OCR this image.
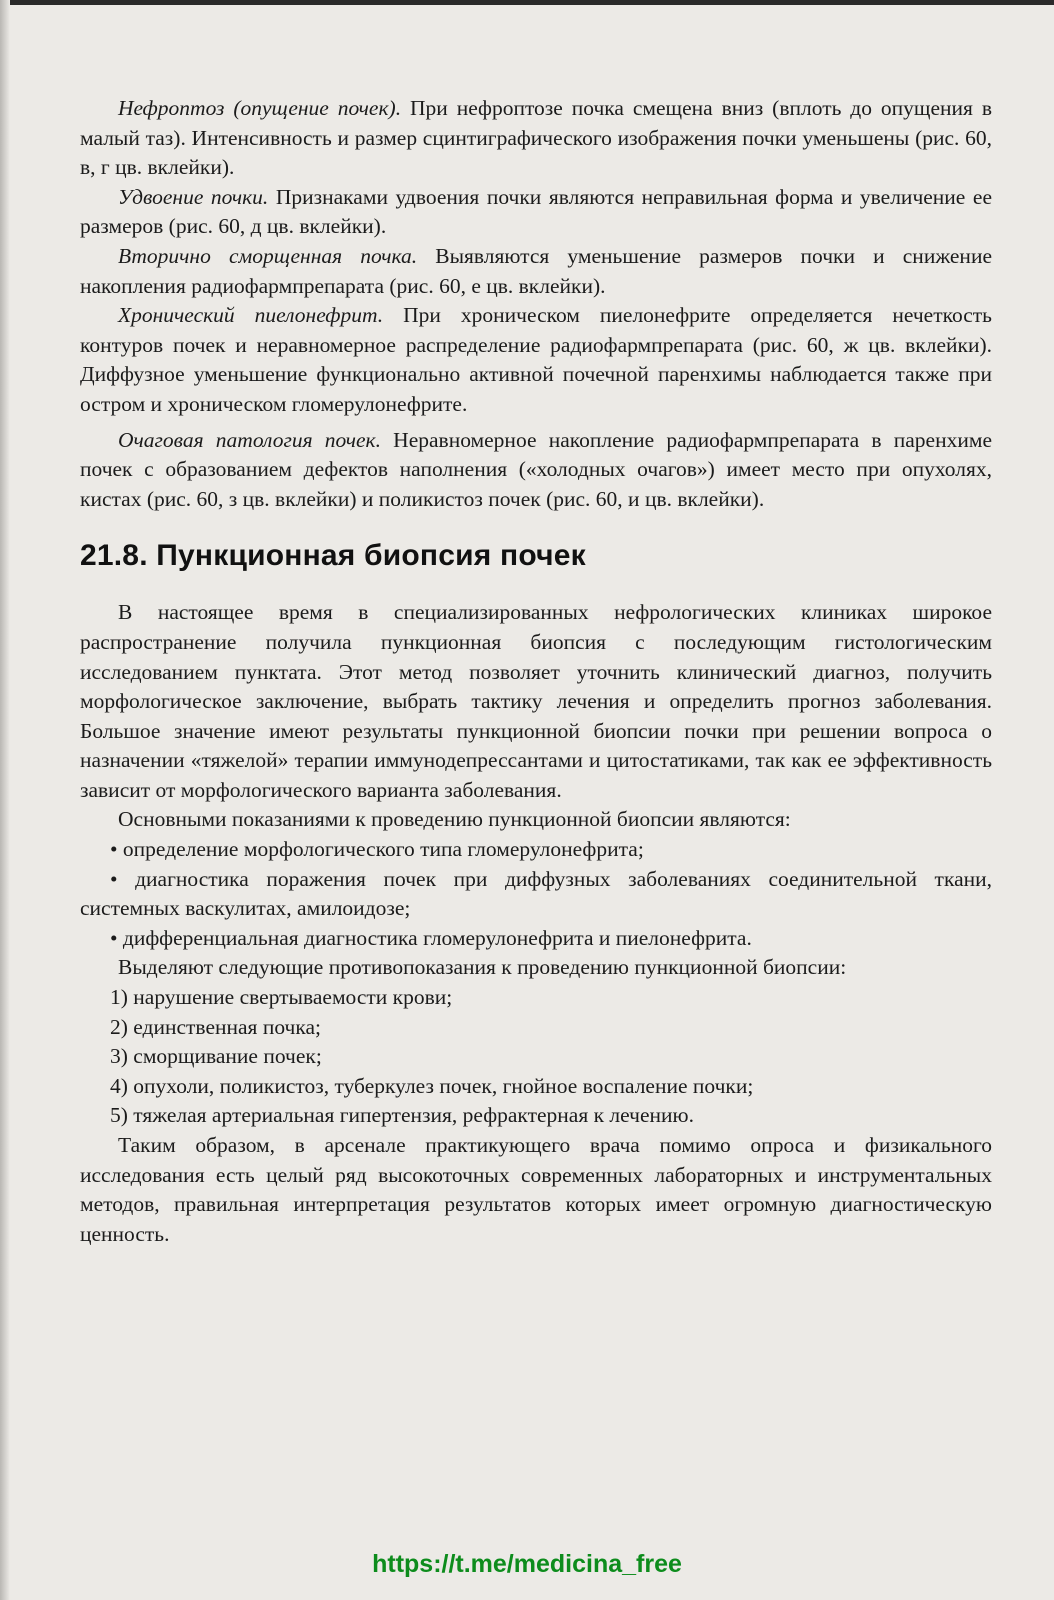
Нефроптоз (опущение почек). При нефроптозе почка смещена вниз (вплоть до опущения в малый таз). Интенсивность и размер сцинтиграфического изображения почки уменьшены (рис. 60, в, г цв. вклейки).

Удвоение почки. Признаками удвоения почки являются неправильная форма и увеличение ее размеров (рис. 60, д цв. вклейки).

Вторично сморщенная почка. Выявляются уменьшение размеров почки и снижение накопления радиофармпрепарата (рис. 60, е цв. вклейки).

Хронический пиелонефрит. При хроническом пиелонефрите определяется нечеткость контуров почек и неравномерное распределение радиофармпрепарата (рис. 60, ж цв. вклейки). Диффузное уменьшение функционально активной почечной паренхимы наблюдается также при остром и хроническом гломерулонефрите.

Очаговая патология почек. Неравномерное накопление радиофармпрепарата в паренхиме почек с образованием дефектов наполнения («холодных очагов») имеет место при опухолях, кистах (рис. 60, з цв. вклейки) и поликистоз почек (рис. 60, и цв. вклейки).

21.8. Пункционная биопсия почек

В настоящее время в специализированных нефрологических клиниках широкое распространение получила пункционная биопсия с последующим гистологическим исследованием пунктата. Этот метод позволяет уточнить клинический диагноз, получить морфологическое заключение, выбрать тактику лечения и определить прогноз заболевания. Большое значение имеют результаты пункционной биопсии почки при решении вопроса о назначении «тяжелой» терапии иммунодепрессантами и цитостатиками, так как ее эффективность зависит от морфологического варианта заболевания.

Основными показаниями к проведению пункционной биопсии являются:

• определение морфологического типа гломерулонефрита;
• диагностика поражения почек при диффузных заболеваниях соединительной ткани, системных васкулитах, амилоидозе;
• дифференциальная диагностика гломерулонефрита и пиелонефрита.

Выделяют следующие противопоказания к проведению пункционной биопсии:

1) нарушение свертываемости крови;
2) единственная почка;
3) сморщивание почек;
4) опухоли, поликистоз, туберкулез почек, гнойное воспаление почки;
5) тяжелая артериальная гипертензия, рефрактерная к лечению.

Таким образом, в арсенале практикующего врача помимо опроса и физикального исследования есть целый ряд высокоточных современных лабораторных и инструментальных методов, правильная интерпретация результатов которых имеет огромную диагностическую ценность.

https://t.me/medicina_free
